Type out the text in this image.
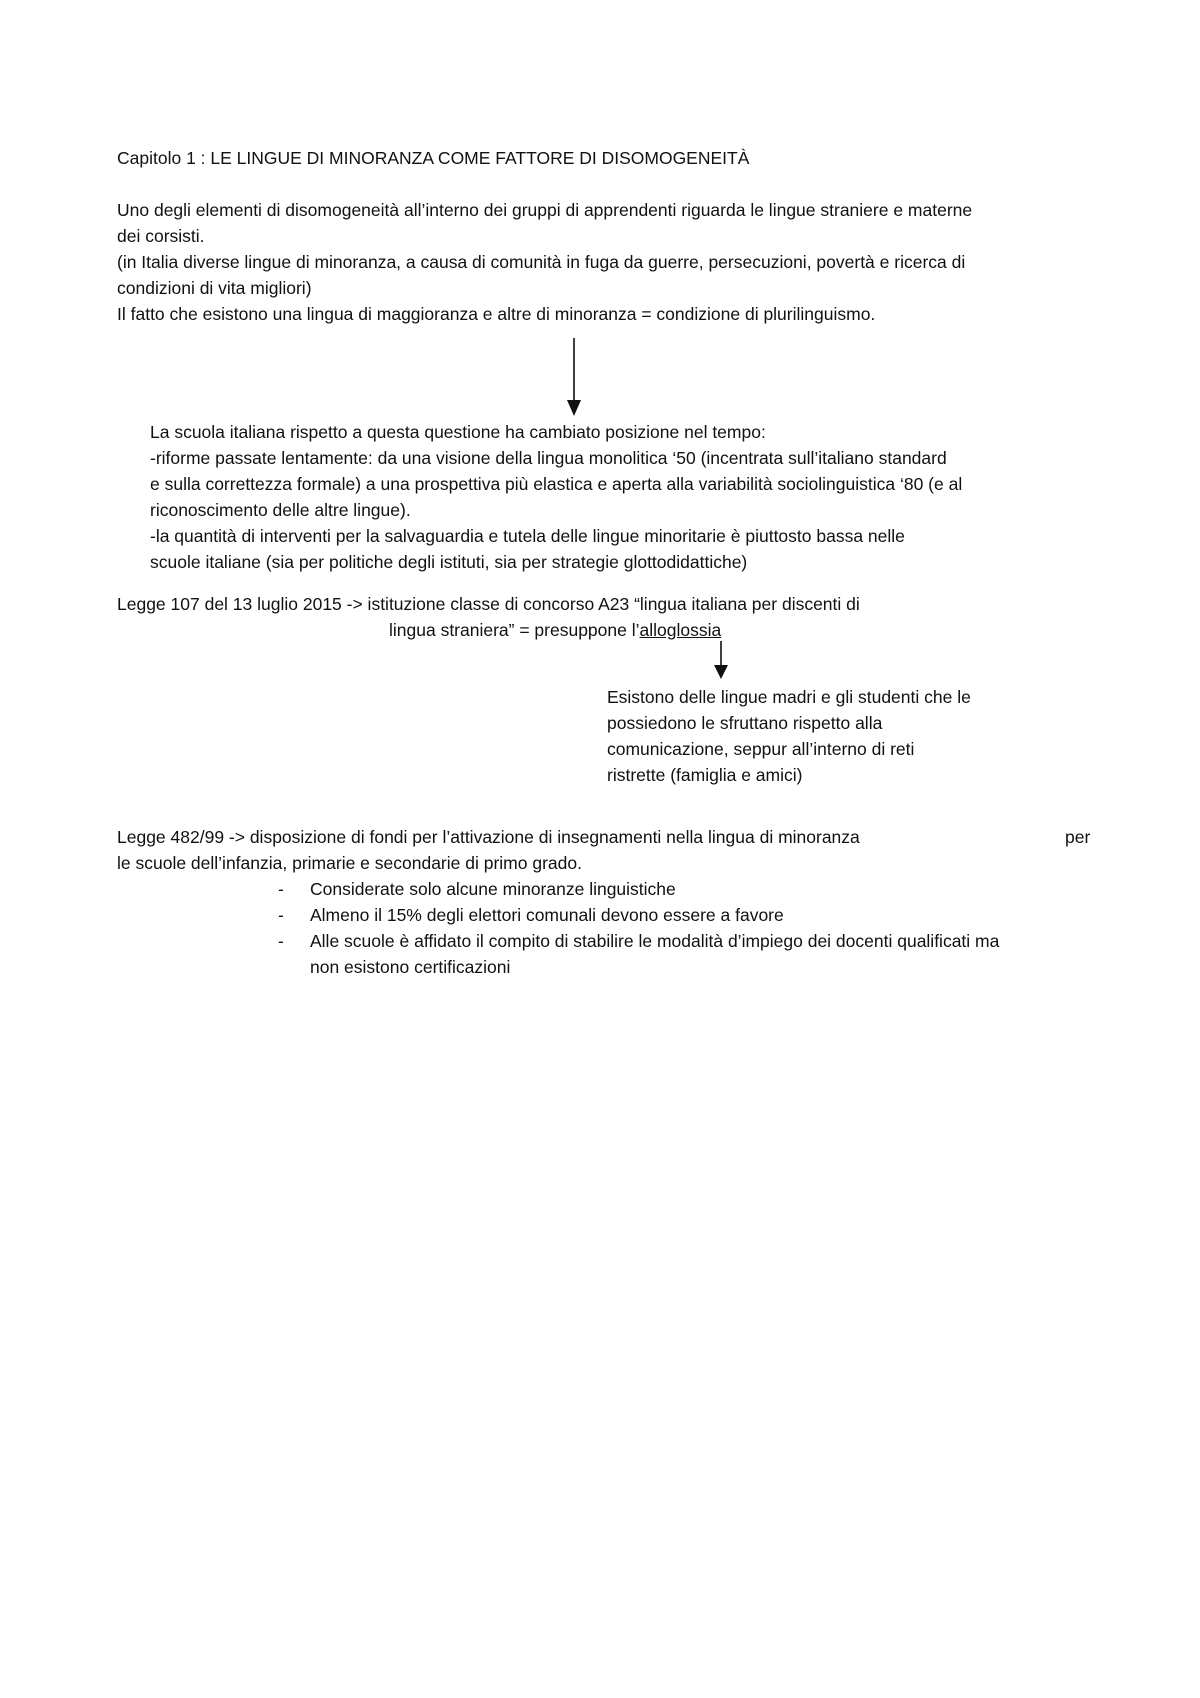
Capitolo 1 : LE LINGUE DI MINORANZA COME FATTORE DI DISOMOGENEITÀ
Uno degli elementi di disomogeneità all’interno dei gruppi di apprendenti riguarda le lingue straniere e materne
dei corsisti.
(in Italia diverse lingue di minoranza, a causa di comunità in fuga da guerre, persecuzioni, povertà e ricerca di
condizioni di vita migliori)
Il fatto che esistono una lingua di maggioranza e altre di minoranza = condizione di plurilinguismo.
La scuola italiana rispetto a questa questione ha cambiato posizione nel tempo:
-riforme passate lentamente: da una visione della lingua monolitica ‘50 (incentrata sull’italiano standard
e sulla correttezza formale) a una prospettiva più elastica e aperta alla variabilità sociolinguistica ‘80 (e al
riconoscimento delle altre lingue).
-la quantità di interventi per la salvaguardia e tutela delle lingue minoritarie è piuttosto bassa nelle
scuole italiane (sia per politiche degli istituti, sia per strategie glottodidattiche)
Legge 107 del 13 luglio 2015 -> istituzione classe di concorso A23 “lingua italiana per discenti di
lingua straniera” = presuppone l’alloglossia
Esistono delle lingue madri e gli studenti che le
possiedono le sfruttano rispetto alla
comunicazione, seppur all’interno di reti
ristrette (famiglia e amici)
Legge 482/99 -> disposizione di fondi per l’attivazione di insegnamenti nella lingua di minoranza	per
le scuole dell’infanzia, primarie e secondarie di primo grado.
- Considerate solo alcune minoranze linguistiche
- Almeno il 15% degli elettori comunali devono essere a favore
- Alle scuole è affidato il compito di stabilire le modalità d’impiego dei docenti qualificati ma
non esistono certificazioni
